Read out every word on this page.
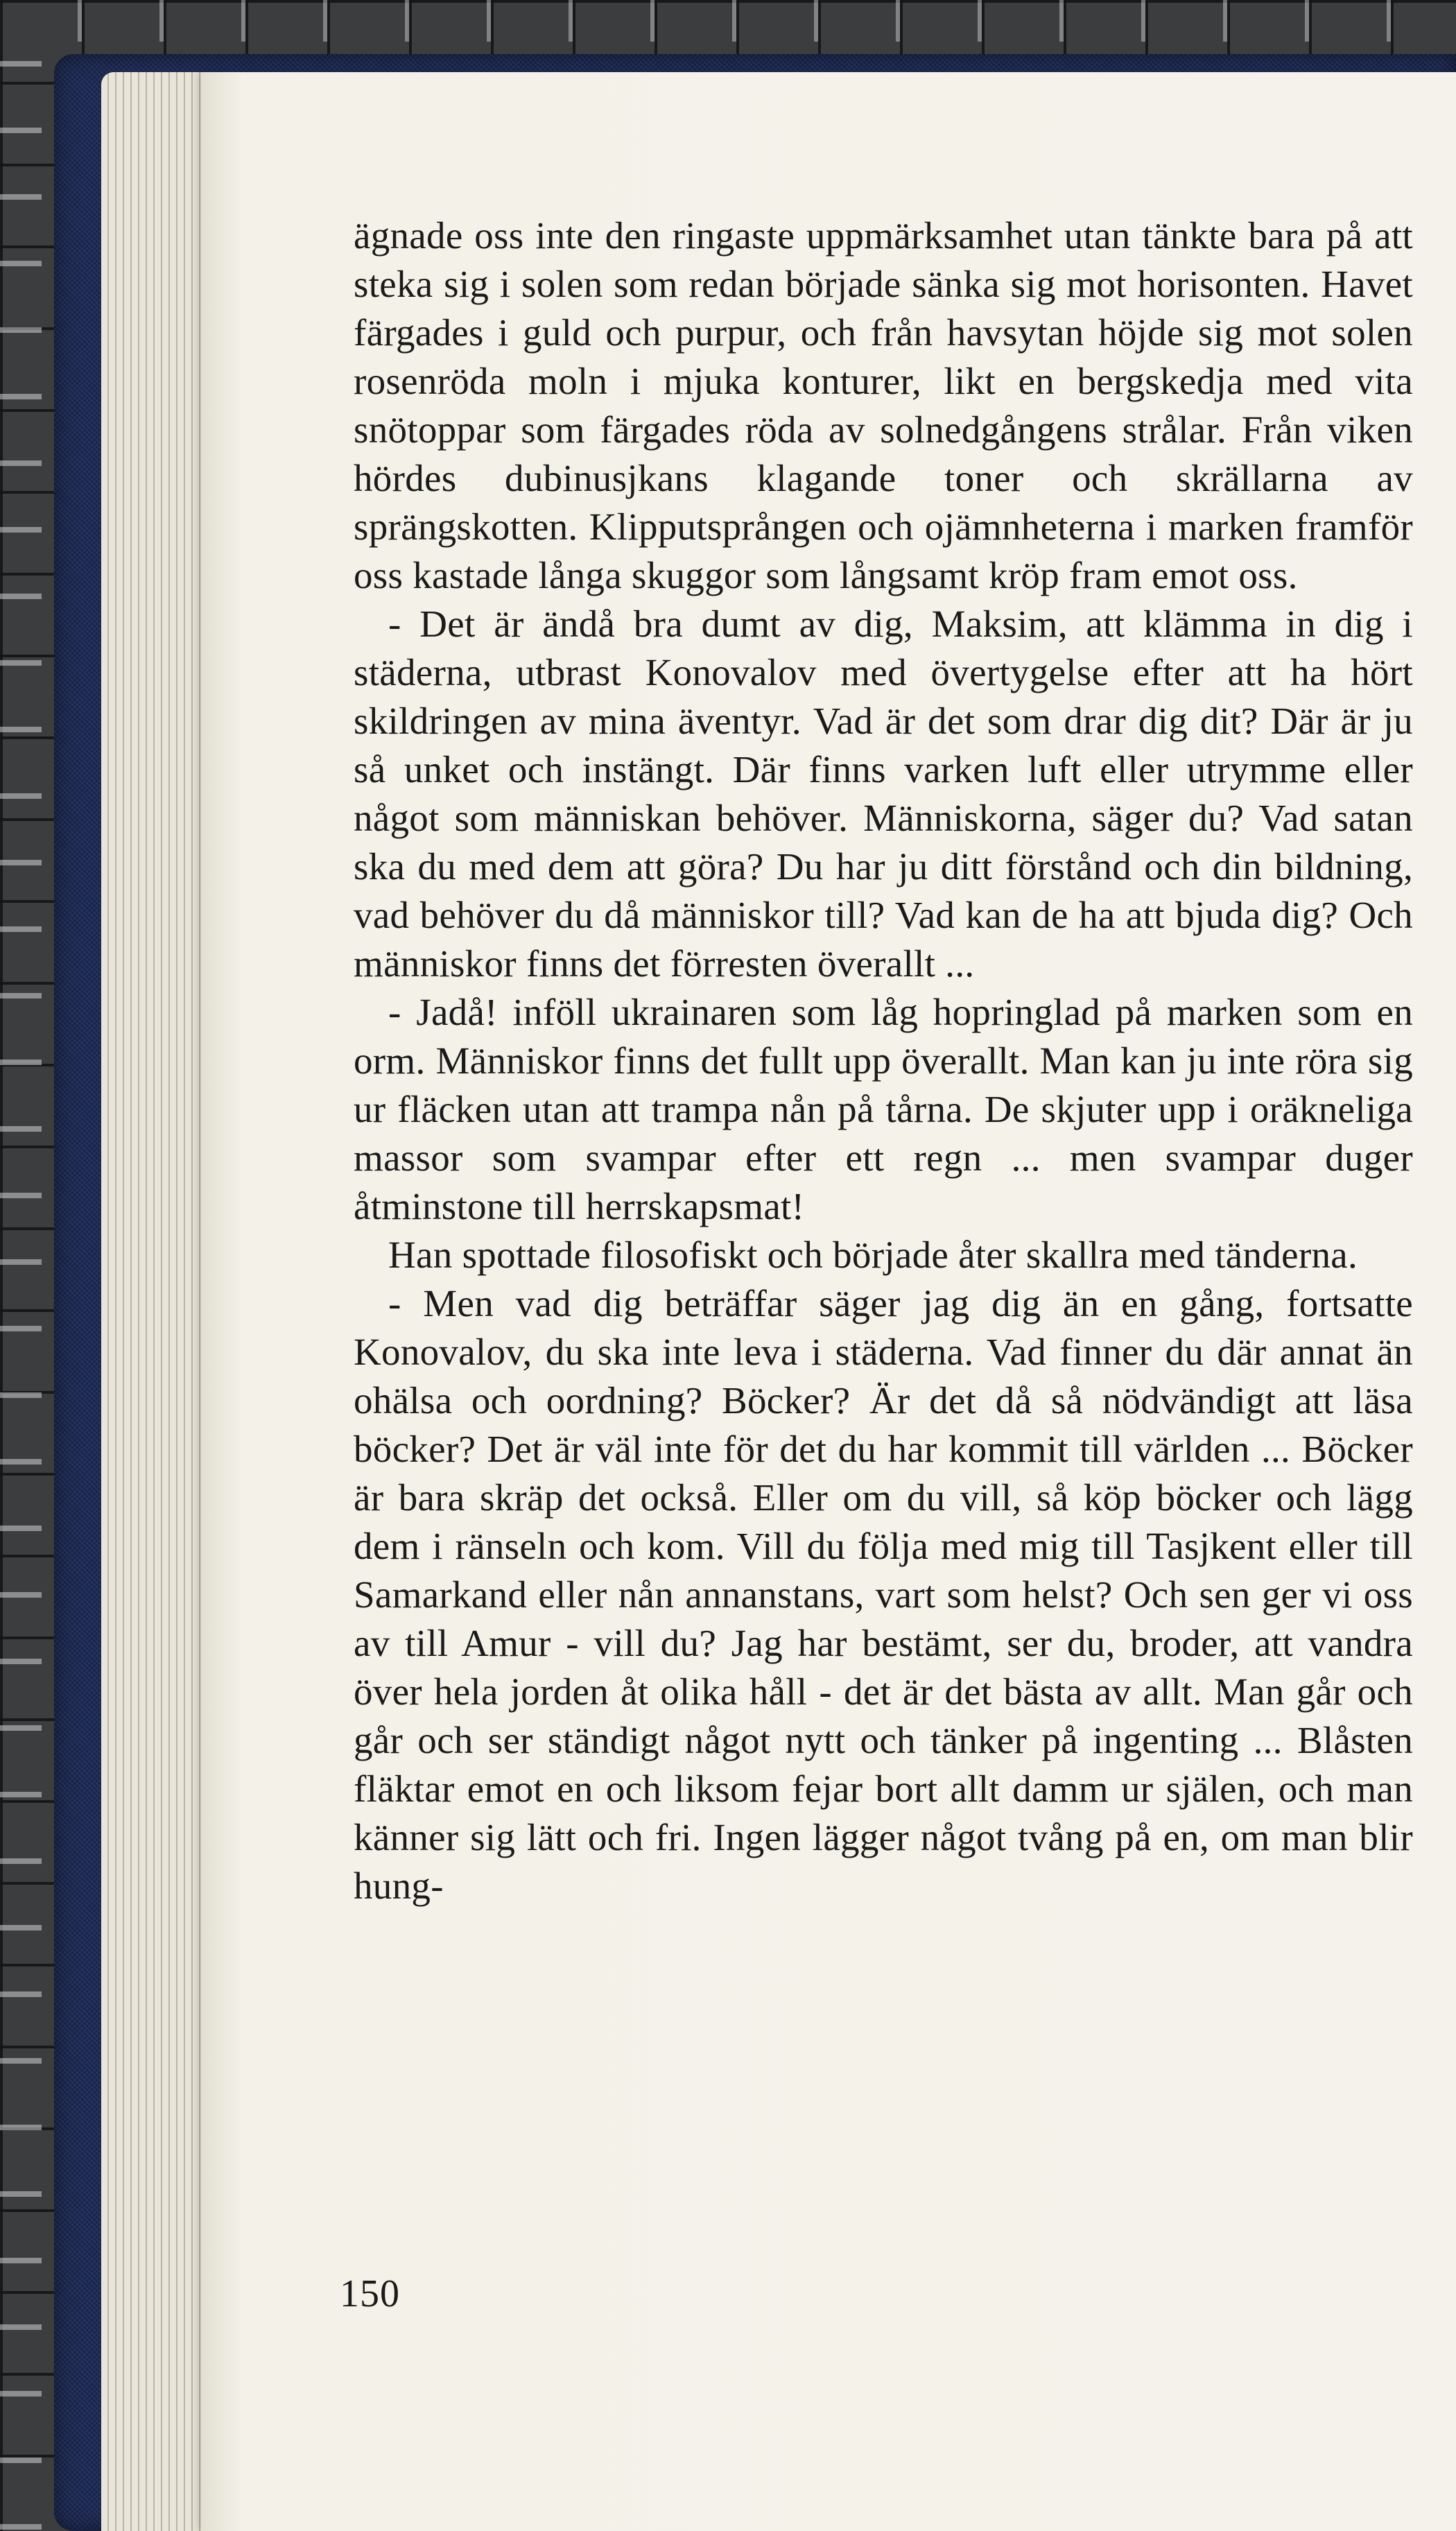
ägnade oss inte den ringaste uppmärksamhet utan tänkte bara på att steka sig i solen som redan började sänka sig mot horisonten. Havet färgades i guld och purpur, och från havsytan höjde sig mot solen rosenröda moln i mjuka konturer, likt en bergskedja med vita snötoppar som färgades röda av solnedgångens strålar. Från viken hördes dubinusjkans klagande toner och skrällarna av sprängskotten. Klipputsprången och ojämnheterna i marken framför oss kastade långa skuggor som långsamt kröp fram emot oss.

- Det är ändå bra dumt av dig, Maksim, att klämma in dig i städerna, utbrast Konovalov med övertygelse efter att ha hört skildringen av mina äventyr. Vad är det som drar dig dit? Där är ju så unket och instängt. Där finns varken luft eller utrymme eller något som människan behöver. Människorna, säger du? Vad satan ska du med dem att göra? Du har ju ditt förstånd och din bildning, vad behöver du då människor till? Vad kan de ha att bjuda dig? Och människor finns det förresten överallt ...

- Jadå! inföll ukrainaren som låg hopringlad på marken som en orm. Människor finns det fullt upp överallt. Man kan ju inte röra sig ur fläcken utan att trampa nån på tårna. De skjuter upp i oräkneliga massor som svampar efter ett regn ... men svampar duger åtminstone till herrskapsmat!

Han spottade filosofiskt och började åter skallra med tänderna.

- Men vad dig beträffar säger jag dig än en gång, fortsatte Konovalov, du ska inte leva i städerna. Vad finner du där annat än ohälsa och oordning? Böcker? Är det då så nödvändigt att läsa böcker? Det är väl inte för det du har kommit till världen ... Böcker är bara skräp det också. Eller om du vill, så köp böcker och lägg dem i ränseln och kom. Vill du följa med mig till Tasjkent eller till Samarkand eller nån annanstans, vart som helst? Och sen ger vi oss av till Amur - vill du? Jag har bestämt, ser du, broder, att vandra över hela jorden åt olika håll - det är det bästa av allt. Man går och går och ser ständigt något nytt och tänker på ingenting ... Blåsten fläktar emot en och liksom fejar bort allt damm ur själen, och man känner sig lätt och fri. Ingen lägger något tvång på en, om man blir hung-

150
